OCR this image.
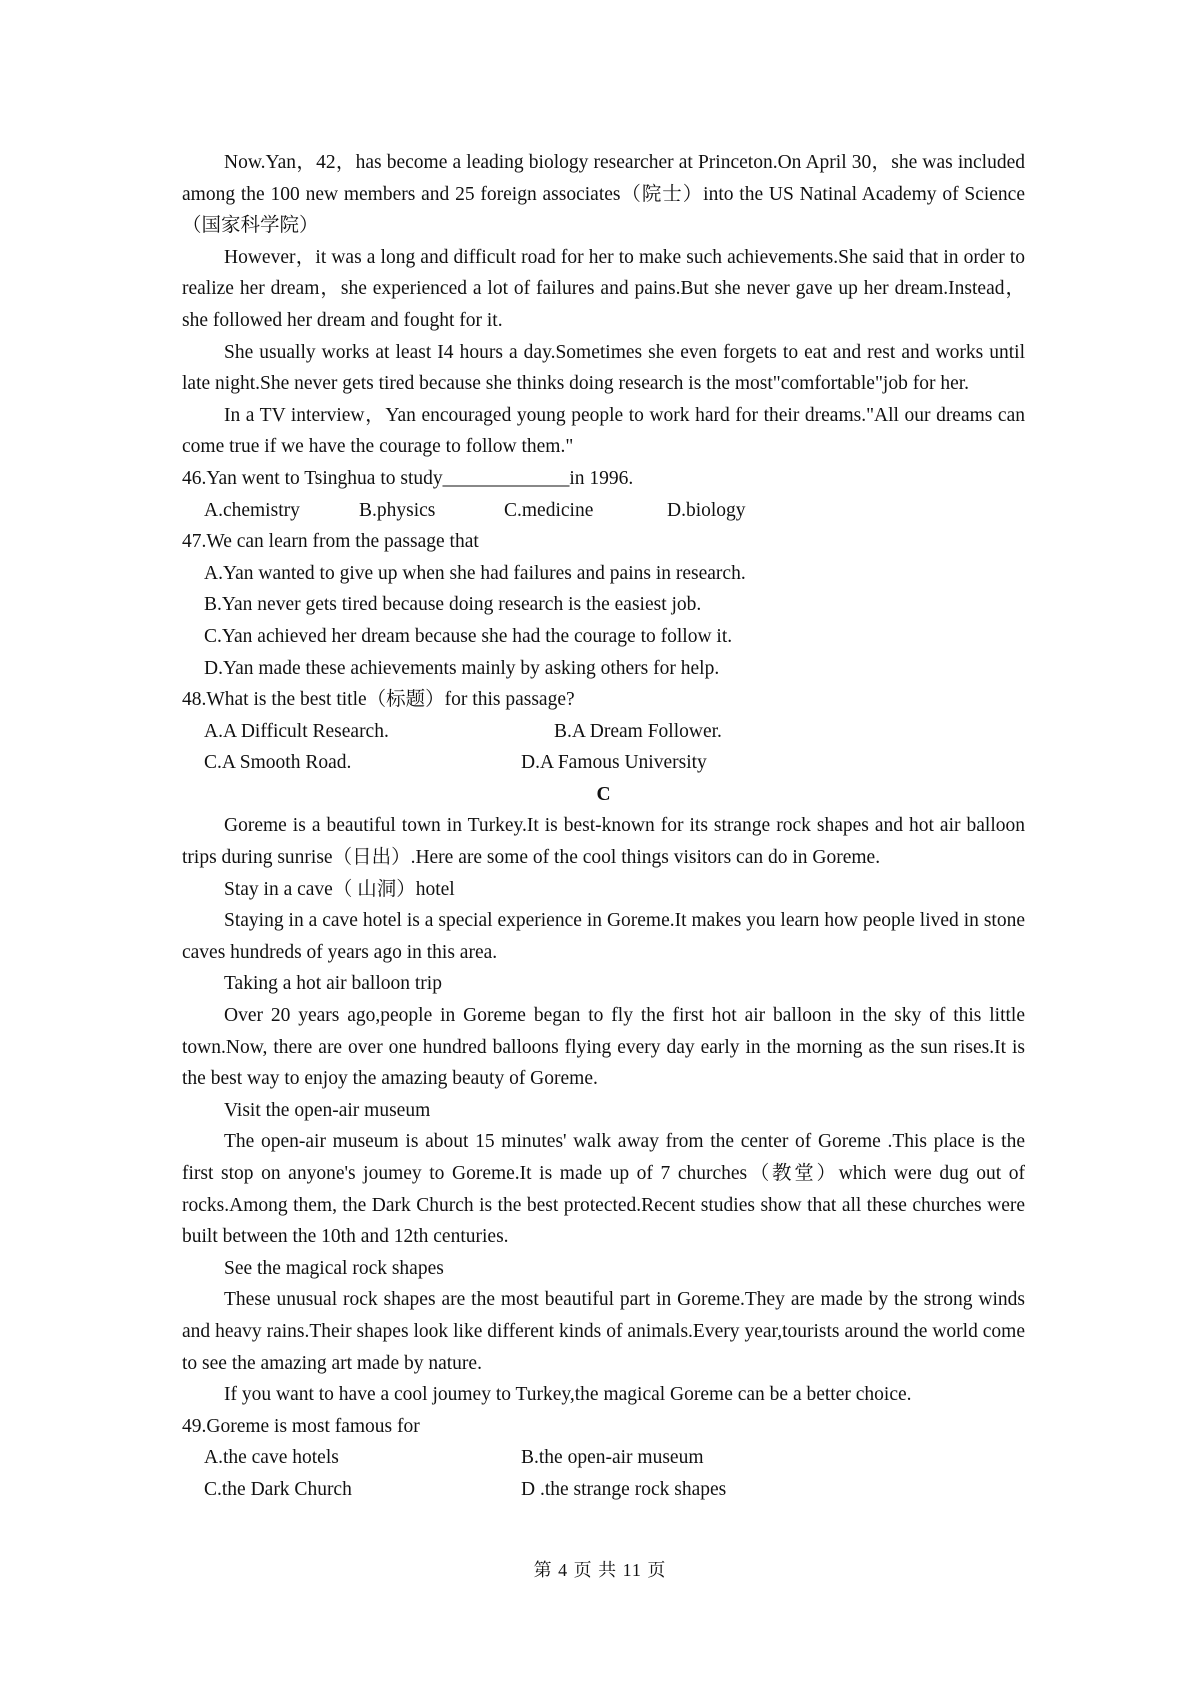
Now.Yan，42，has become a leading biology researcher at Princeton.On April 30，she was included among the 100 new members and 25 foreign associates（院士）into the US Natinal Academy of Science（国家科学院）

However，it was a long and difficult road for her to make such achievements.She said that in order to realize her dream，she experienced a lot of failures and pains.But she never gave up her dream.Instead，she followed her dream and fought for it.

She usually works at least I4 hours a day.Sometimes she even forgets to eat and rest and works until late night.She never gets tired because she thinks doing research is the most"comfortable"job for her.

In a TV interview，Yan encouraged young people to work hard for their dreams."All our dreams can come true if we have the courage to follow them."

46.Yan went to Tsinghua to study_____________in 1996.

A.chemistry	B.physics	C.medicine	D.biology

47.We can learn from the passage that

A.Yan wanted to give up when she had failures and pains in research.

B.Yan never gets tired because doing research is the easiest job.

C.Yan achieved her dream because she had the courage to follow it.

D.Yan made these achievements mainly by asking others for help.

48.What is the best title（标题）for this passage?

A.A Difficult Research.	B.A Dream Follower.
C.A Smooth Road.	D.A Famous University

C

Goreme is a beautiful town in Turkey.It is best-known for its strange rock shapes and hot air balloon trips during sunrise（日出）.Here are some of the cool things visitors can do in Goreme.

Stay in a cave（ 山洞）hotel

Staying in a cave hotel is a special experience in Goreme.It makes you learn how people lived in stone caves hundreds of years ago in this area.

Taking a hot air balloon trip

Over 20 years ago,people in Goreme began to fly the first hot air balloon in the sky of this little town.Now, there are over one hundred balloons flying every day early in the morning as the sun rises.It is the best way to enjoy the amazing beauty of Goreme.

Visit the open-air museum

The open-air museum is about 15 minutes' walk away from the center of Goreme .This place is the first stop on anyone's joumey to Goreme.It is made up of 7 churches（教堂）which were dug out of rocks.Among them, the Dark Church is the best protected.Recent studies show that all these churches were built between the 10th and 12th centuries.

See the magical rock shapes

These unusual rock shapes are the most beautiful part in Goreme.They are made by the strong winds and heavy rains.Their shapes look like different kinds of animals.Every year,tourists around the world come to see the amazing art made by nature.

If you want to have a cool joumey to Turkey,the magical Goreme can be a better choice.

49.Goreme is most famous for

A.the cave hotels	B.the open-air museum
C.the Dark Church	D .the strange rock shapes
第 4 页 共 11 页
